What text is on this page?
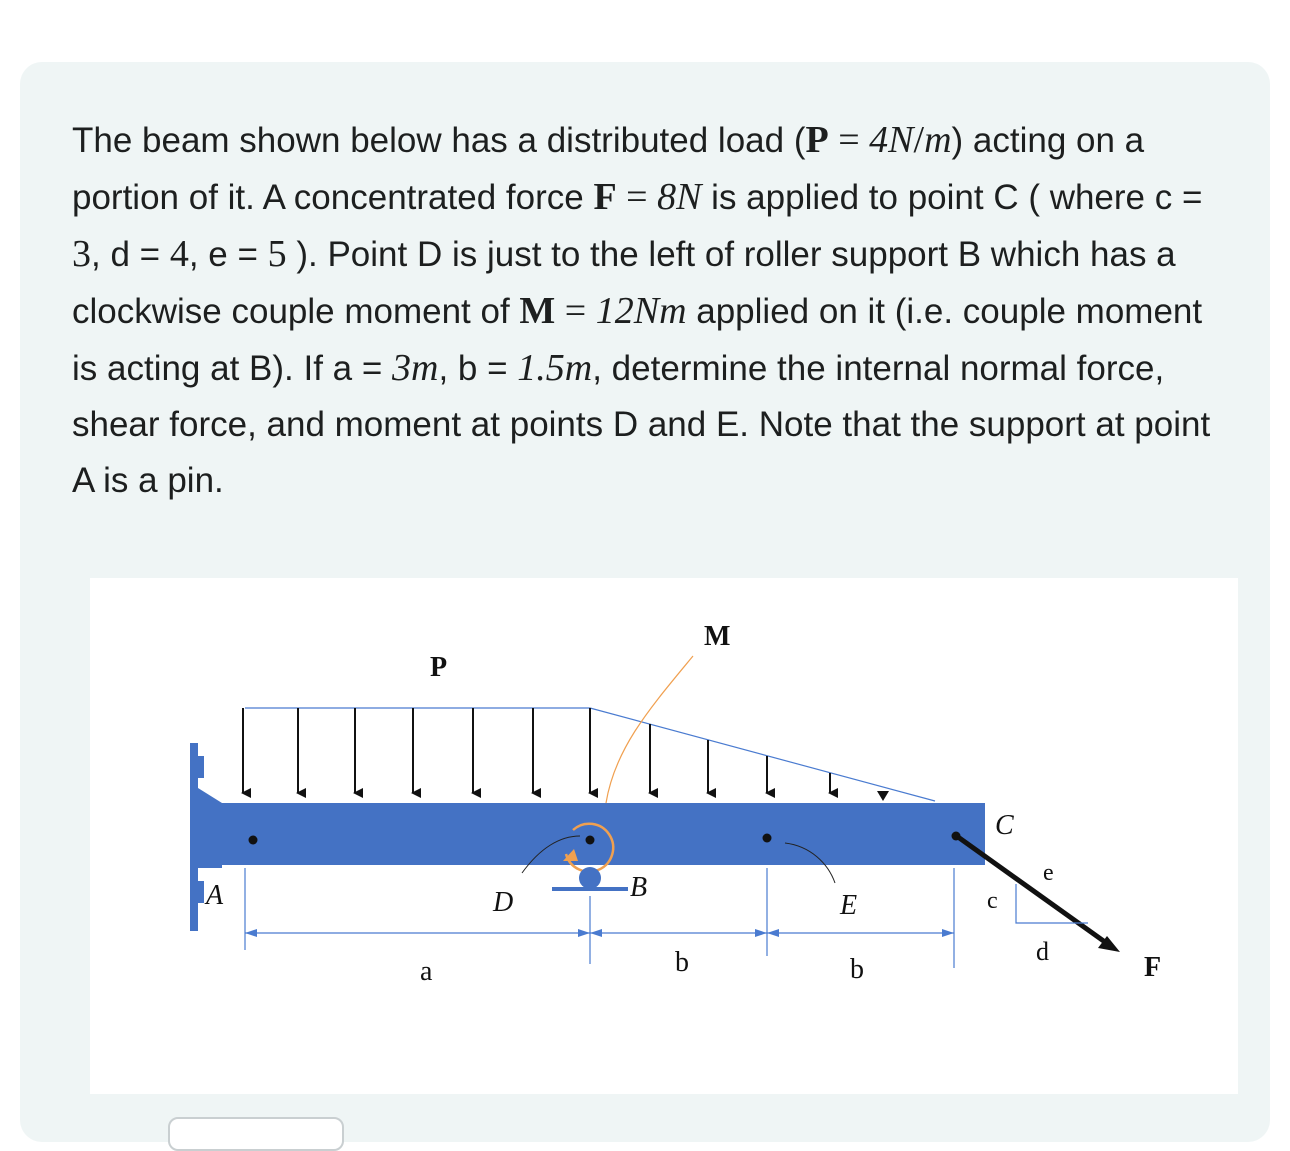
The beam shown below has a distributed load (P = 4N/m) acting on a portion of it. A concentrated force F = 8N is applied to point C ( where c = 3, d = 4, e = 5 ). Point D is just to the left of roller support B which has a clockwise couple moment of M = 12Nm applied on it (i.e. couple moment is acting at B). If a = 3m, b = 1.5m, determine the internal normal force, shear force, and moment at points D and E. Note that the support at point A is a pin.

P
M
A	D	B
E
C
F
c
e
d
a	b	b
